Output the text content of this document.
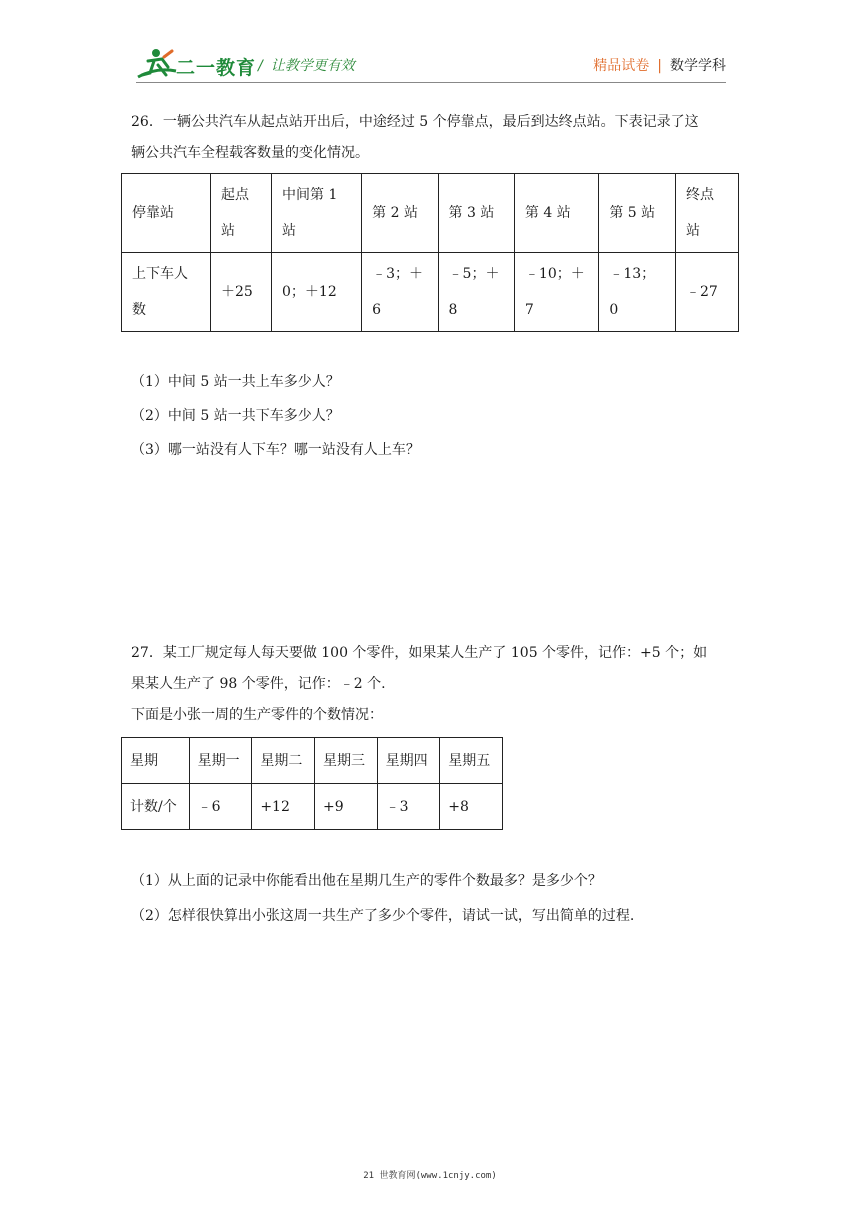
二一教育 / 让教学更有效	精品试卷 | 数学学科
26．一辆公共汽车从起点站开出后，中途经过 5 个停靠点，最后到达终点站。下表记录了这
辆公共汽车全程载客数量的变化情况。
停靠站	起点站	中间第 1 站	第 2 站	第 3 站	第 4 站	第 5 站	终点站

上下车人数	＋25	0；＋12	﹣3；＋6	﹣5；＋8	﹣10；＋7	﹣13；　0	﹣27
（1）中间 5 站一共上车多少人？
（2）中间 5 站一共下车多少人？
（3）哪一站没有人下车？哪一站没有人上车？
27．某工厂规定每人每天要做 100 个零件，如果某人生产了 105 个零件，记作：+5 个；如
果某人生产了 98 个零件，记作：﹣2 个.
下面是小张一周的生产零件的个数情况：
星期	星期一	星期二	星期三	星期四	星期五
计数/个	﹣6	+12	+9	﹣3	+8
（1）从上面的记录中你能看出他在星期几生产的零件个数最多？是多少个？
（2）怎样很快算出小张这周一共生产了多少个零件，请试一试，写出简单的过程.
21 世教育网(www.1cnjy.com)
